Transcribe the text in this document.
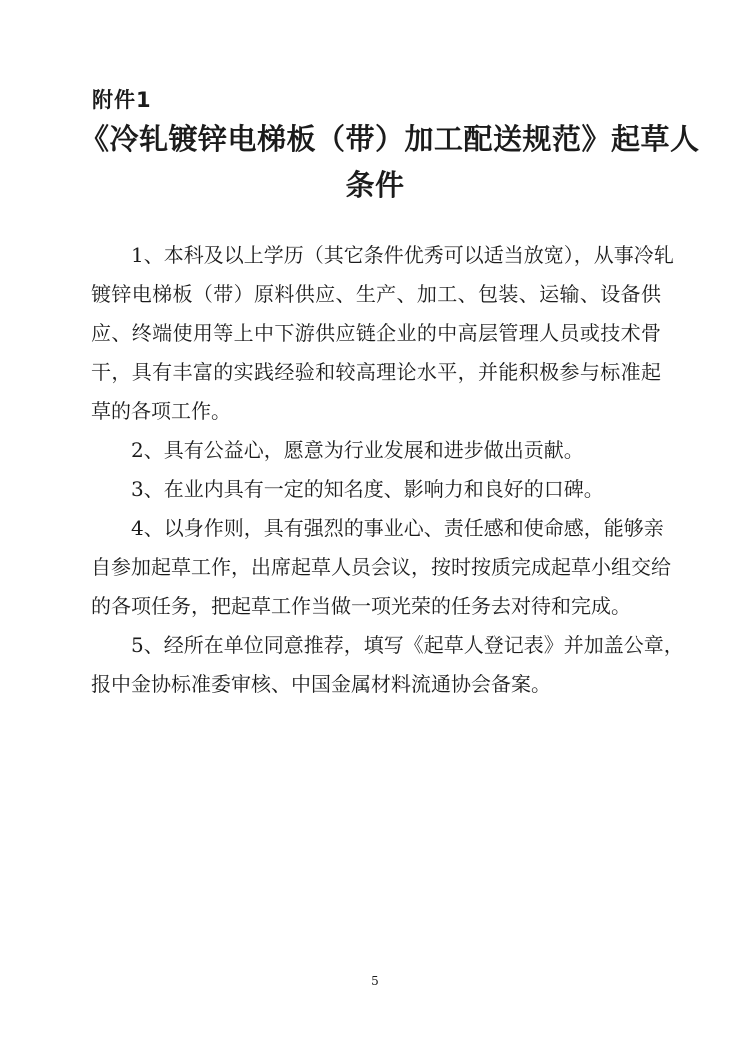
附件1
《冷轧镀锌电梯板（带）加工配送规范》起草人
条件

1、本科及以上学历（其它条件优秀可以适当放宽），从事冷轧
镀锌电梯板（带）原料供应、生产、加工、包装、运输、设备供
应、终端使用等上中下游供应链企业的中高层管理人员或技术骨
干，具有丰富的实践经验和较高理论水平，并能积极参与标准起
草的各项工作。

2、具有公益心，愿意为行业发展和进步做出贡献。

3、在业内具有一定的知名度、影响力和良好的口碑。

4、以身作则，具有强烈的事业心、责任感和使命感，能够亲
自参加起草工作，出席起草人员会议，按时按质完成起草小组交给
的各项任务，把起草工作当做一项光荣的任务去对待和完成。

5、经所在单位同意推荐，填写《起草人登记表》并加盖公章，
报中金协标准委审核、中国金属材料流通协会备案。

5
